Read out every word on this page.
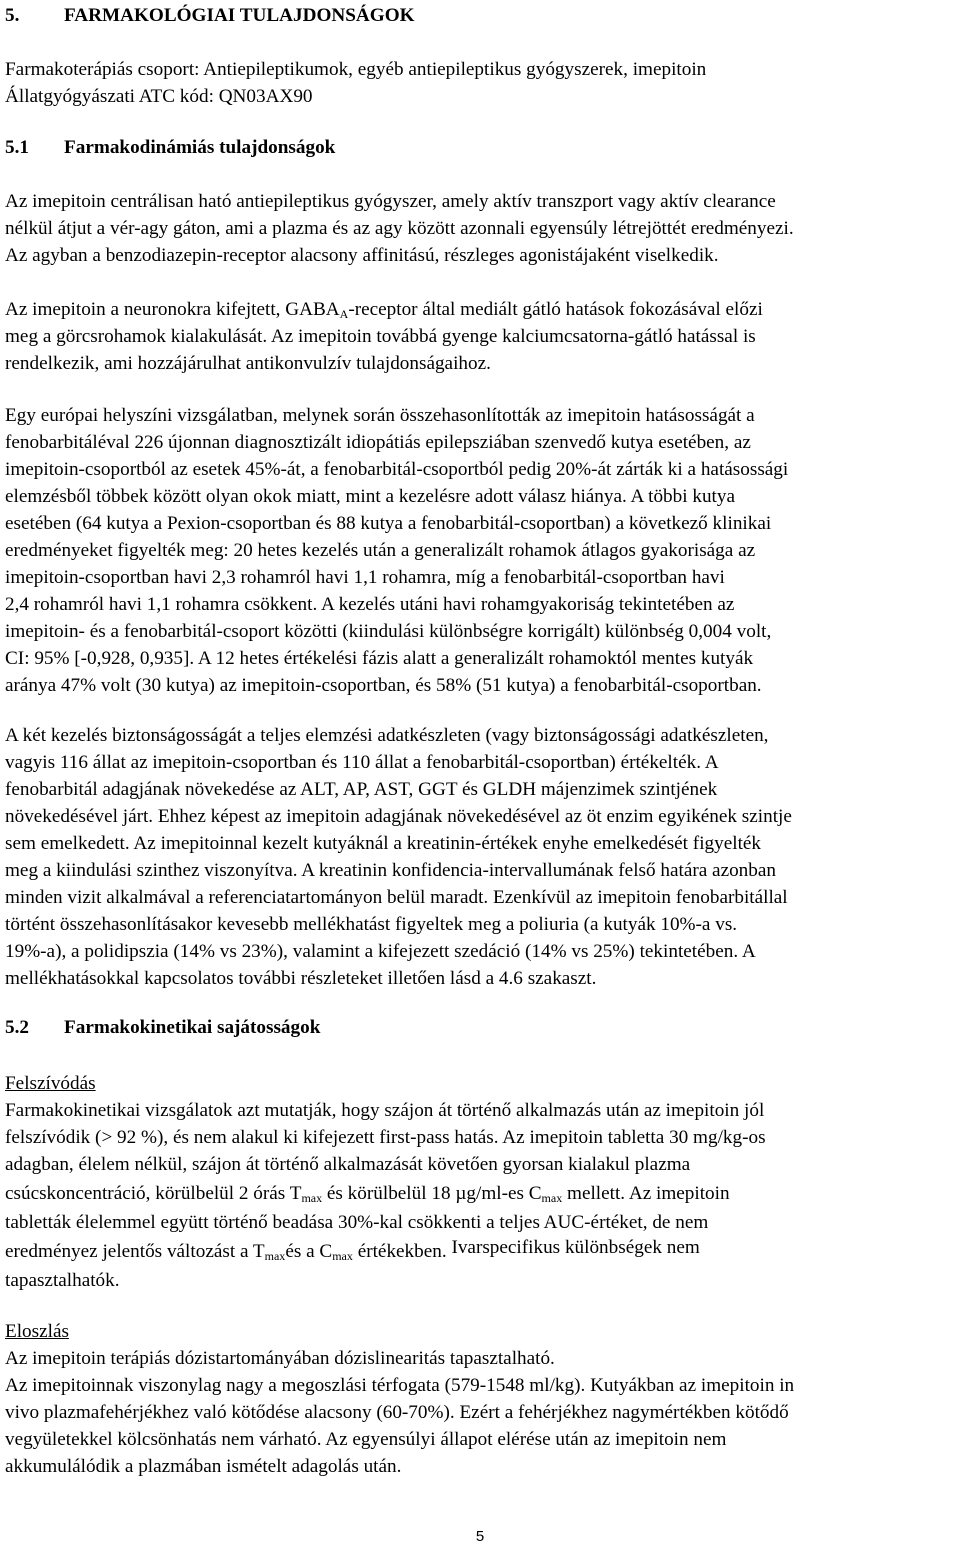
5. FARMAKOLÓGIAI TULAJDONSÁGOK
Farmakoterápiás csoport: Antiepileptikumok, egyéb antiepileptikus gyógyszerek, imepitoin
Állatgyógyászati ATC kód: QN03AX90
5.1 Farmakodinámiás tulajdonságok
Az imepitoin centrálisan ható antiepileptikus gyógyszer, amely aktív transzport vagy aktív clearance
nélkül átjut a vér-agy gáton, ami a plazma és az agy között azonnali egyensúly létrejöttét eredményezi.
Az agyban a benzodiazepin-receptor alacsony affinitású, részleges agonistájaként viselkedik.
Az imepitoin a neuronokra kifejtett, $GABA_A$-receptor által mediált gátló hatások fokozásával előzi
meg a görcsrohamok kialakulását. Az imepitoin továbbá gyenge kalciumcsatorna-gátló hatással is
rendelkezik, ami hozzájárulhat antikonvulzív tulajdonságaihoz.
Egy európai helyszíni vizsgálatban, melynek során összehasonlították az imepitoin hatásosságát a
fenobarbitáléval 226 újonnan diagnosztizált idiopátiás epilepsziában szenvedő kutya esetében, az
imepitoin-csoportból az esetek 45%-át, a fenobarbitál-csoportból pedig 20%-át zárták ki a hatásossági
elemzésből többek között olyan okok miatt, mint a kezelésre adott válasz hiánya. A többi kutya
esetében (64 kutya a Pexion-csoportban és 88 kutya a fenobarbitál-csoportban) a következő klinikai
eredményeket figyelték meg: 20 hetes kezelés után a generalizált rohamok átlagos gyakorisága az
imepitoin-csoportban havi 2,3 rohamról havi 1,1 rohamra, míg a fenobarbitál-csoportban havi
2,4 rohamról havi 1,1 rohamra csökkent. A kezelés utáni havi rohamgyakoriság tekintetében az
imepitoin- és a fenobarbitál-csoport közötti (kiindulási különbségre korrigált) különbség 0,004 volt,
CI: 95% [-0,928, 0,935]. A 12 hetes értékelési fázis alatt a generalizált rohamoktól mentes kutyák
aránya 47% volt (30 kutya) az imepitoin-csoportban, és 58% (51 kutya) a fenobarbitál-csoportban.
A két kezelés biztonságosságát a teljes elemzési adatkészleten (vagy biztonságossági adatkészleten,
vagyis 116 állat az imepitoin-csoportban és 110 állat a fenobarbitál-csoportban) értékelték. A
fenobarbitál adagjának növekedése az ALT, AP, AST, GGT és GLDH májenzimek szintjének
növekedésével járt. Ehhez képest az imepitoin adagjának növekedésével az öt enzim egyikének szintje
sem emelkedett. Az imepitoinnal kezelt kutyáknál a kreatinin-értékek enyhe emelkedését figyelték
meg a kiindulási szinthez viszonyítva. A kreatinin konfidencia-intervallumának felső határa azonban
minden vizit alkalmával a referenciatartományon belül maradt. Ezenkívül az imepitoin fenobarbitállal
történt összehasonlításakor kevesebb mellékhatást figyeltek meg a poliuria (a kutyák 10%-a vs.
19%-a), a polidipszia (14% vs 23%), valamint a kifejezett szedáció (14% vs 25%) tekintetében. A
mellékhatásokkal kapcsolatos további részleteket illetően lásd a 4.6 szakaszt.
5.2 Farmakokinetikai sajátosságok
Felszívódás
Farmakokinetikai vizsgálatok azt mutatják, hogy szájon át történő alkalmazás után az imepitoin jól
felszívódik (> 92 %), és nem alakul ki kifejezett first-pass hatás. Az imepitoin tabletta 30 mg/kg-os
adagban, élelem nélkül, szájon át történő alkalmazását követően gyorsan kialakul plazma
csúcskoncentráció, körülbelül 2 órás $T_{max}$ és körülbelül 18 µg/ml-es $C_{max}$ mellett. Az imepitoin
tabletták élelemmel együtt történő beadása 30%-kal csökkenti a teljes AUC-értéket, de nem
eredményez jelentős változást a $T_{max}és$ a $C_{max}$ értékekben. Ivarspecifikus különbségek nem
tapasztalhatók.
Eloszlás
Az imepitoin terápiás dózistartományában dózislinearitás tapasztalható.
Az imepitoinnak viszonylag nagy a megoszlási térfogata (579-1548 ml/kg). Kutyákban az imepitoin in
vivo plazmafehérjékhez való kötődése alacsony (60-70%). Ezért a fehérjékhez nagymértékben kötődő
vegyületekkel kölcsönhatás nem várható. Az egyensúlyi állapot elérése után az imepitoin nem
akkumulálódik a plazmában ismételt adagolás után.
5
